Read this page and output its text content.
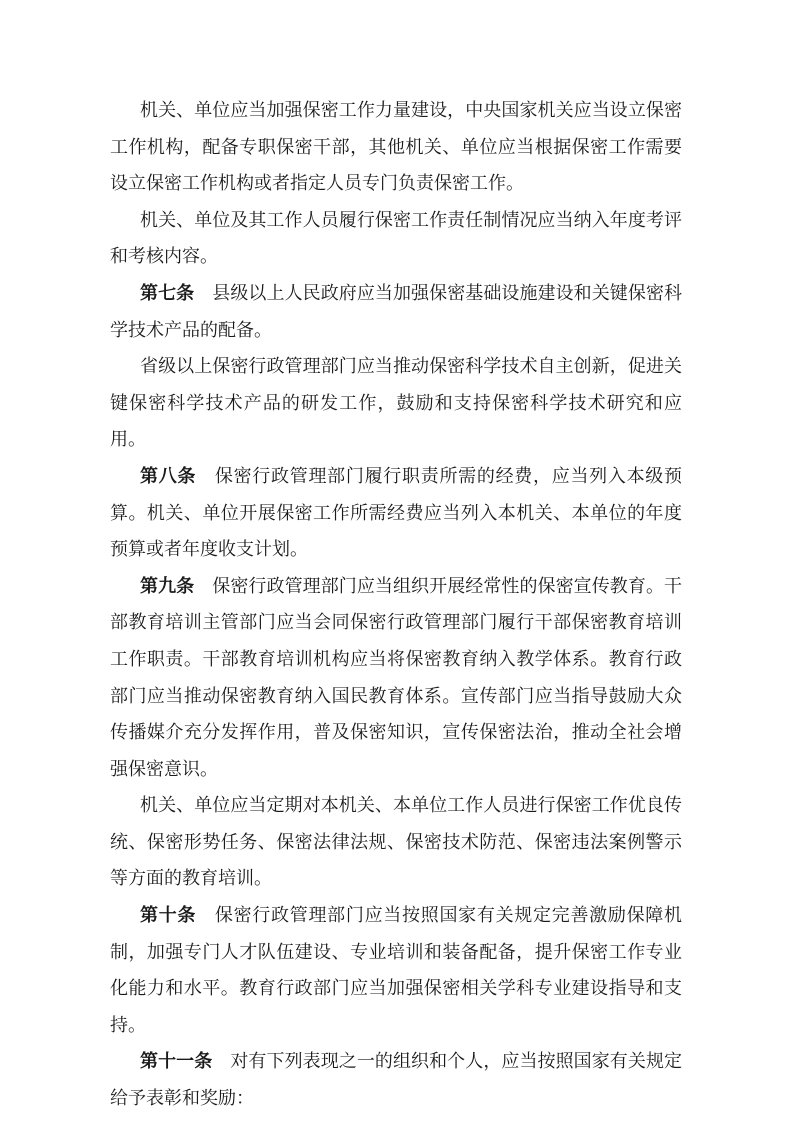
机关、单位应当加强保密工作力量建设，中央国家机关应当设立保密工作机构，配备专职保密干部，其他机关、单位应当根据保密工作需要设立保密工作机构或者指定人员专门负责保密工作。

机关、单位及其工作人员履行保密工作责任制情况应当纳入年度考评和考核内容。

第七条 县级以上人民政府应当加强保密基础设施建设和关键保密科学技术产品的配备。

省级以上保密行政管理部门应当推动保密科学技术自主创新，促进关键保密科学技术产品的研发工作，鼓励和支持保密科学技术研究和应用。

第八条 保密行政管理部门履行职责所需的经费，应当列入本级预算。机关、单位开展保密工作所需经费应当列入本机关、本单位的年度预算或者年度收支计划。

第九条 保密行政管理部门应当组织开展经常性的保密宣传教育。干部教育培训主管部门应当会同保密行政管理部门履行干部保密教育培训工作职责。干部教育培训机构应当将保密教育纳入教学体系。教育行政部门应当推动保密教育纳入国民教育体系。宣传部门应当指导鼓励大众传播媒介充分发挥作用，普及保密知识，宣传保密法治，推动全社会增强保密意识。

机关、单位应当定期对本机关、本单位工作人员进行保密工作优良传统、保密形势任务、保密法律法规、保密技术防范、保密违法案例警示等方面的教育培训。

第十条 保密行政管理部门应当按照国家有关规定完善激励保障机制，加强专门人才队伍建设、专业培训和装备配备，提升保密工作专业化能力和水平。教育行政部门应当加强保密相关学科专业建设指导和支持。

第十一条 对有下列表现之一的组织和个人，应当按照国家有关规定给予表彰和奖励：
